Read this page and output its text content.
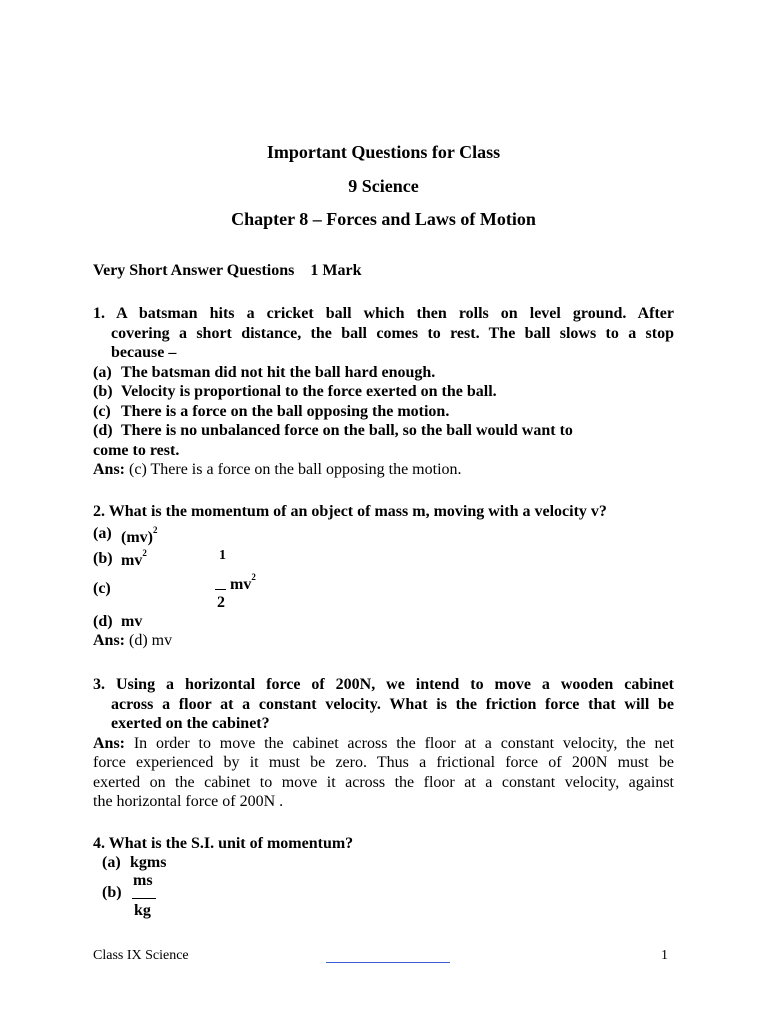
Important Questions for Class
9 Science
Chapter 8 – Forces and Laws of Motion
Very Short Answer Questions 1 Mark
1. A batsman hits a cricket ball which then rolls on level ground. After
covering a short distance, the ball comes to rest. The ball slows to a stop
because –
(a) The batsman did not hit the ball hard enough.
(b) Velocity is proportional to the force exerted on the ball.
(c) There is a force on the ball opposing the motion.
(d) There is no unbalanced force on the ball, so the ball would want to
come to rest.
Ans: (c) There is a force on the ball opposing the motion.
2. What is the momentum of an object of mass m, moving with a velocity v?
(a) (mv)$^2$
(b) $mv^2$	1
(c)
2
$mv^2$
(d) mv
Ans: (d) mv
3. Using a horizontal force of 200N, we intend to move a wooden cabinet
across a floor at a constant velocity. What is the friction force that will be
exerted on the cabinet?
Ans: In order to move the cabinet across the floor at a constant velocity, the net
force experienced by it must be zero. Thus a frictional force of 200N must be
exerted on the cabinet to move it across the floor at a constant velocity, against
the horizontal force of 200N .
4. What is the S.I. unit of momentum?
(a) kgms
ms
(b)
kg
Class IX Science	1
